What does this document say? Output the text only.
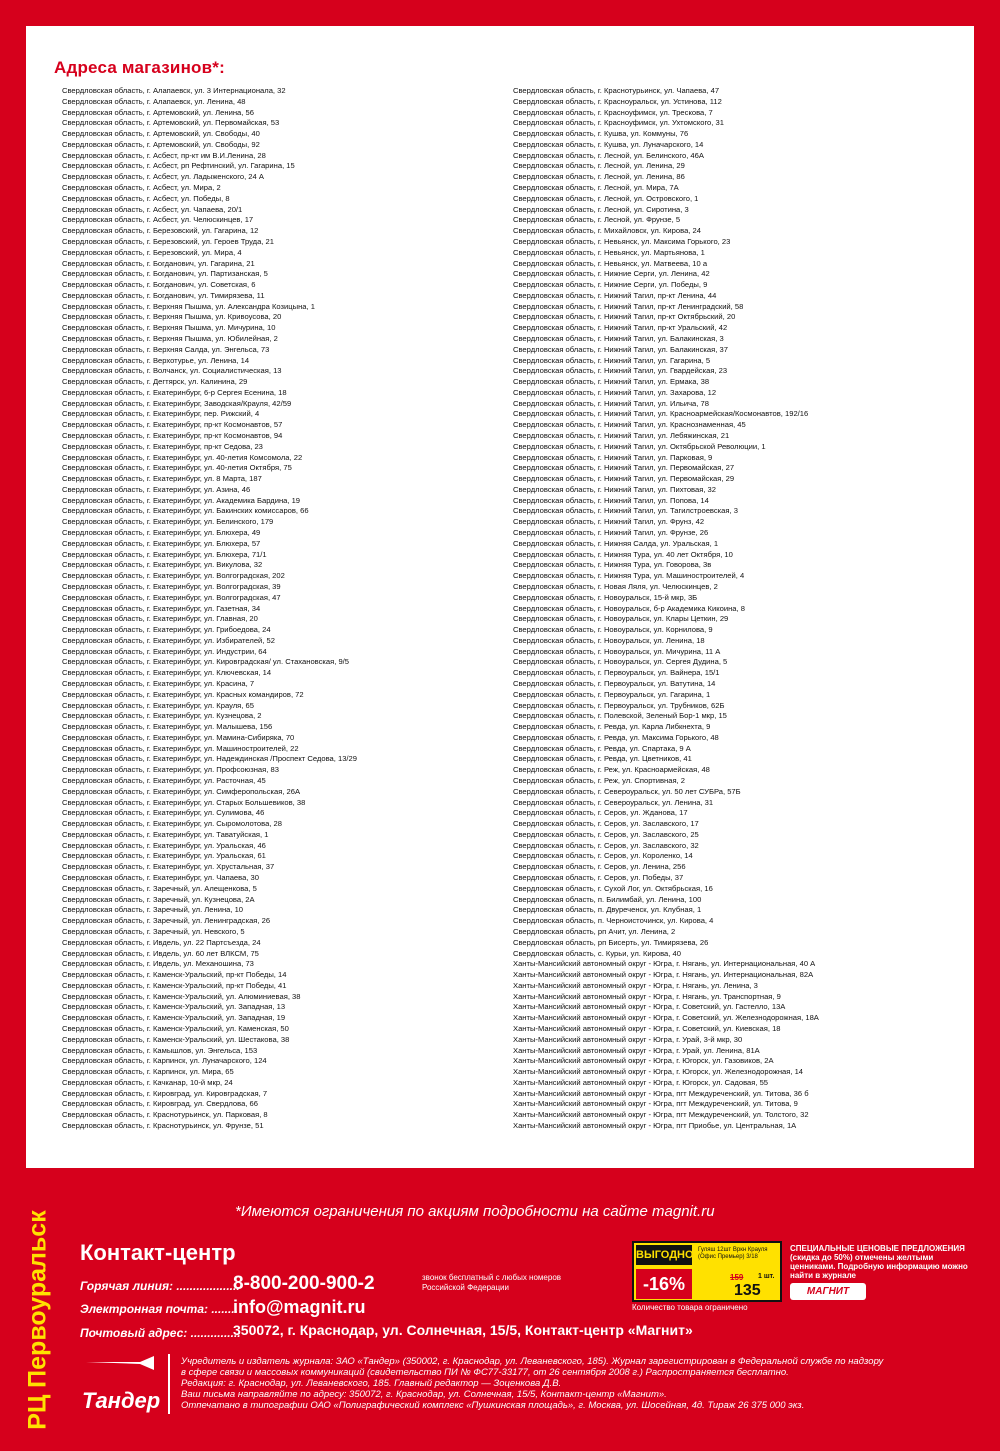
Адреса магазинов*:
Свердловская область, г. Алапаевск, ул. 3 Интернационала, 32
Свердловская область, г. Алапаевск, ул. Ленина, 48
Свердловская область, г. Артемовский, ул. Ленина, 56
Свердловская область, г. Артемовский, ул. Первомайская, 53
Свердловская область, г. Артемовский, ул. Свободы, 40
Свердловская область, г. Артемовский, ул. Свободы, 92
Свердловская область, г. Асбест, пр-кт им В.И.Ленина, 28
Свердловская область, г. Асбест, рп Рефтинский, ул. Гагарина, 15
Свердловская область, г. Асбест, ул. Ладыженского, 24 А
Свердловская область, г. Асбест, ул. Мира, 2
Свердловская область, г. Асбест, ул. Победы, 8
Свердловская область, г. Асбест, ул. Чапаева, 20/1
Свердловская область, г. Асбест, ул. Челюскинцев, 17
Свердловская область, г. Березовский, ул. Гагарина, 12
Свердловская область, г. Березовский, ул. Героев Труда, 21
Свердловская область, г. Березовский, ул. Мира, 4
Свердловская область, г. Богданович, ул. Гагарина, 21
Свердловская область, г. Богданович, ул. Партизанская, 5
Свердловская область, г. Богданович, ул. Советская, 6
Свердловская область, г. Богданович, ул. Тимирязева, 11
Свердловская область, г. Верхняя Пышма, ул. Александра Козицына, 1
Свердловская область, г. Верхняя Пышма, ул. Кривоусова, 20
Свердловская область, г. Верхняя Пышма, ул. Мичурина, 10
Свердловская область, г. Верхняя Пышма, ул. Юбилейная, 2
Свердловская область, г. Верхняя Салда, ул. Энгельса, 73
Свердловская область, г. Верхотурье, ул. Ленина, 14
Свердловская область, г. Волчанск, ул. Социалистическая, 13
Свердловская область, г. Дегтярск, ул. Калинина, 29
Свердловская область, г. Екатеринбург, 6-р Сергея Есенина, 18
Свердловская область, г. Екатеринбург, Заводская/Крауля, 42/59
Свердловская область, г. Екатеринбург, пер. Рижский, 4
Свердловская область, г. Екатеринбург, пр-кт Космонавтов, 57
Свердловская область, г. Екатеринбург, пр-кт Космонавтов, 94
Свердловская область, г. Екатеринбург, пр-кт Седова, 23
Свердловская область, г. Екатеринбург, ул. 40-летия Комсомола, 22
Свердловская область, г. Екатеринбург, ул. 40-летия Октября, 75
Свердловская область, г. Екатеринбург, ул. 8 Марта, 187
Свердловская область, г. Екатеринбург, ул. Азина, 46
Свердловская область, г. Екатеринбург, ул. Академика Бардина, 19
Свердловская область, г. Екатеринбург, ул. Бакинских комиссаров, 66
Свердловская область, г. Екатеринбург, ул. Белинского, 179
Свердловская область, г. Екатеринбург, ул. Блюхера, 49
Свердловская область, г. Екатеринбург, ул. Блюхера, 57
Свердловская область, г. Екатеринбург, ул. Блюхера, 71/1
Свердловская область, г. Екатеринбург, ул. Викулова, 32
Свердловская область, г. Екатеринбург, ул. Волгоградская, 202
Свердловская область, г. Екатеринбург, ул. Волгоградская, 39
Свердловская область, г. Екатеринбург, ул. Волгоградская, 47
Свердловская область, г. Екатеринбург, ул. Газетная, 34
Свердловская область, г. Екатеринбург, ул. Главная, 20
Свердловская область, г. Екатеринбург, ул. Грибоедова, 24
Свердловская область, г. Екатеринбург, ул. Избирателей, 52
Свердловская область, г. Екатеринбург, ул. Индустрии, 64
Свердловская область, г. Екатеринбург, ул. Кировградская/ ул. Стахановская, 9/5
Свердловская область, г. Екатеринбург, ул. Ключевская, 14
Свердловская область, г. Екатеринбург, ул. Красина, 7
Свердловская область, г. Екатеринбург, ул. Красных командиров, 72
Свердловская область, г. Екатеринбург, ул. Крауля, 65
Свердловская область, г. Екатеринбург, ул. Кузнецова, 2
Свердловская область, г. Екатеринбург, ул. Малышева, 156
Свердловская область, г. Екатеринбург, ул. Мамина-Сибиряка, 70
Свердловская область, г. Екатеринбург, ул. Машиностроителей, 22
Свердловская область, г. Екатеринбург, ул. Надеждинская /Проспект Седова, 13/29
Свердловская область, г. Екатеринбург, ул. Профсоюзная, 83
Свердловская область, г. Екатеринбург, ул. Расточная, 45
Свердловская область, г. Екатеринбург, ул. Симферопольская, 26А
Свердловская область, г. Екатеринбург, ул. Старых Большевиков, 38
Свердловская область, г. Екатеринбург, ул. Сулимова, 46
Свердловская область, г. Екатеринбург, ул. Сыромолотова, 28
Свердловская область, г. Екатеринбург, ул. Таватуйская, 1
Свердловская область, г. Екатеринбург, ул. Уральская, 46
Свердловская область, г. Екатеринбург, ул. Уральская, 61
Свердловская область, г. Екатеринбург, ул. Хрустальная, 37
Свердловская область, г. Екатеринбург, ул. Чапаева, 30
Свердловская область, г. Заречный, ул. Алещенкова, 5
Свердловская область, г. Заречный, ул. Кузнецова, 2А
Свердловская область, г. Заречный, ул. Ленина, 10
Свердловская область, г. Заречный, ул. Ленинградская, 26
Свердловская область, г. Заречный, ул. Невского, 5
Свердловская область, г. Ивдель, ул. 22 Партсъезда, 24
Свердловская область, г. Ивдель, ул. 60 лет ВЛКСМ, 75
Свердловская область, г. Ивдель, ул. Механошина, 73
Свердловская область, г. Каменск-Уральский, пр-кт Победы, 14
Свердловская область, г. Каменск-Уральский, пр-кт Победы, 41
Свердловская область, г. Каменск-Уральский, ул. Алюминиевая, 38
Свердловская область, г. Каменск-Уральский, ул. Западная, 13
Свердловская область, г. Каменск-Уральский, ул. Западная, 19
Свердловская область, г. Каменск-Уральский, ул. Каменская, 50
Свердловская область, г. Каменск-Уральский, ул. Шестакова, 38
Свердловская область, г. Камышлов, ул. Энгельса, 153
Свердловская область, г. Карпинск, ул. Луначарского, 124
Свердловская область, г. Карпинск, ул. Мира, 65
Свердловская область, г. Качканар, 10-й мкр, 24
Свердловская область, г. Кировград, ул. Кировградская, 7
Свердловская область, г. Кировград, ул. Свердлова, 66
Свердловская область, г. Краснотурьинск, ул. Парковая, 8
Свердловская область, г. Краснотурьинск, ул. Фрунзе, 51
Свердловская область, г. Краснотурьинск, ул. Чапаева, 47
Свердловская область, г. Красноуральск, ул. Устинова, 112
Свердловская область, г. Красноуфимск, ул. Трескова, 7
Свердловская область, г. Красноуфимск, ул. Ухтомского, 31
Свердловская область, г. Кушва, ул. Коммуны, 76
Свердловская область, г. Кушва, ул. Луначарского, 14
Свердловская область, г. Лесной, ул. Белинского, 46А
Свердловская область, г. Лесной, ул. Ленина, 29
Свердловская область, г. Лесной, ул. Ленина, 86
Свердловская область, г. Лесной, ул. Мира, 7А
Свердловская область, г. Лесной, ул. Островского, 1
Свердловская область, г. Лесной, ул. Сиротина, 3
Свердловская область, г. Лесной, ул. Фрунзе, 5
Свердловская область, г. Михайловск, ул. Кирова, 24
Свердловская область, г. Невьянск, ул. Максима Горького, 23
Свердловская область, г. Невьянск, ул. Мартьянова, 1
Свердловская область, г. Невьянск, ул. Матвеева, 10 а
Свердловская область, г. Нижние Серги, ул. Ленина, 42
Свердловская область, г. Нижние Серги, ул. Победы, 9
Свердловская область, г. Нижний Тагил, пр-кт Ленина, 44
Свердловская область, г. Нижний Тагил, пр-кт Ленинградский, 58
Свердловская область, г. Нижний Тагил, пр-кт Октябрьский, 20
Свердловская область, г. Нижний Тагил, пр-кт Уральский, 42
Свердловская область, г. Нижний Тагил, ул. Балакинская, 3
Свердловская область, г. Нижний Тагил, ул. Балакинская, 37
Свердловская область, г. Нижний Тагил, ул. Гагарина, 5
Свердловская область, г. Нижний Тагил, ул. Гвардейская, 23
Свердловская область, г. Нижний Тагил, ул. Ермака, 38
Свердловская область, г. Нижний Тагил, ул. Захарова, 12
Свердловская область, г. Нижний Тагил, ул. Ильича, 78
Свердловская область, г. Нижний Тагил, ул. Красноармейская/Космонавтов, 192/16
Свердловская область, г. Нижний Тагил, ул. Краснознаменная, 45
Свердловская область, г. Нижний Тагил, ул. Лебяжинская, 21
Свердловская область, г. Нижний Тагил, ул. Октябрьской Революции, 1
Свердловская область, г. Нижний Тагил, ул. Парковая, 9
Свердловская область, г. Нижний Тагил, ул. Первомайская, 27
Свердловская область, г. Нижний Тагил, ул. Первомайская, 29
Свердловская область, г. Нижний Тагил, ул. Пихтовая, 32
Свердловская область, г. Нижний Тагил, ул. Попова, 14
Свердловская область, г. Нижний Тагил, ул. Тагилстроевская, 3
Свердловская область, г. Нижний Тагил, ул. Фрунз, 42
Свердловская область, г. Нижний Тагил, ул. Фрунзе, 26
Свердловская область, г. Нижняя Салда, ул. Уральская, 1
Свердловская область, г. Нижняя Тура, ул. 40 лет Октября, 10
Свердловская область, г. Нижняя Тура, ул. Говорова, 3в
Свердловская область, г. Нижняя Тура, ул. Машиностроителей, 4
Свердловская область, г. Новая Ляля, ул. Челюскинцев, 2
Свердловская область, г. Новоуральск, 15-й мкр, 3Б
Свердловская область, г. Новоуральск, б-р Академика Кикоина, 8
Свердловская область, г. Новоуральск, ул. Клары Цеткин, 29
Свердловская область, г. Новоуральск, ул. Корнилова, 9
Свердловская область, г. Новоуральск, ул. Ленина, 18
Свердловская область, г. Новоуральск, ул. Мичурина, 11 А
Свердловская область, г. Новоуральск, ул. Сергея Дудина, 5
Свердловская область, г. Первоуральск, ул. Вайнера, 15/1
Свердловская область, г. Первоуральск, ул. Ватутина, 14
Свердловская область, г. Первоуральск, ул. Гагарина, 1
Свердловская область, г. Первоуральск, ул. Трубников, 62Б
Свердловская область, г. Полевской, Зеленый Бор-1 мкр, 15
Свердловская область, г. Ревда, ул. Карла Либкнехта, 9
Свердловская область, г. Ревда, ул. Максима Горького, 48
Свердловская область, г. Ревда, ул. Спартака, 9 А
Свердловская область, г. Ревда, ул. Цветников, 41
Свердловская область, г. Реж, ул. Красноармейская, 48
Свердловская область, г. Реж, ул. Спортивная, 2
Свердловская область, г. Североуральск, ул. 50 лет СУБРа, 57Б
Свердловская область, г. Североуральск, ул. Ленина, 31
Свердловская область, г. Серов, ул. Жданова, 17
Свердловская область, г. Серов, ул. Заславского, 17
Свердловская область, г. Серов, ул. Заславского, 25
Свердловская область, г. Серов, ул. Заславского, 32
Свердловская область, г. Серов, ул. Короленко, 14
Свердловская область, г. Серов, ул. Ленина, 256
Свердловская область, г. Серов, ул. Победы, 37
Свердловская область, г. Сухой Лог, ул. Октябрьская, 16
Свердловская область, п. Билимбай, ул. Ленина, 100
Свердловская область, п. Двуреченск, ул. Клубная, 1
Свердловская область, п. Черноисточинск, ул. Кирова, 4
Свердловская область, рп Ачит, ул. Ленина, 2
Свердловская область, рп Бисерть, ул. Тимирязева, 26
Свердловская область, с. Курьи, ул. Кирова, 40
Ханты-Мансийский автономный округ - Югра, г. Нягань, ул. Интернациональная, 40 А
Ханты-Мансийский автономный округ - Югра, г. Нягань, ул. Интернациональная, 82А
Ханты-Мансийский автономный округ - Югра, г. Нягань, ул. Ленина, 3
Ханты-Мансийский автономный округ - Югра, г. Нягань, ул. Транспортная, 9
Ханты-Мансийский автономный округ - Югра, г. Советский, ул. Гастелло, 13А
Ханты-Мансийский автономный округ - Югра, г. Советский, ул. Железнодорожная, 18А
Ханты-Мансийский автономный округ - Югра, г. Советский, ул. Киевская, 18
Ханты-Мансийский автономный округ - Югра, г. Урай, 3-й мкр, 30
Ханты-Мансийский автономный округ - Югра, г. Урай, ул. Ленина, 81А
Ханты-Мансийский автономный округ - Югра, г. Югорск, ул. Газовиков, 2А
Ханты-Мансийский автономный округ - Югра, г. Югорск, ул. Железнодорожная, 14
Ханты-Мансийский автономный округ - Югра, г. Югорск, ул. Садовая, 55
Ханты-Мансийский автономный округ - Югра, пгт Междуреченский, ул. Титова, 36 б
Ханты-Мансийский автономный округ - Югра, пгт Междуреченский, ул. Титова, 9
Ханты-Мансийский автономный округ - Югра, пгт Междуреченский, ул. Толстого, 32
Ханты-Мансийский автономный округ - Югра, пгт Приобье, ул. Центральная, 1А
РЦ Первоуральск	*Имеются ограничения по акциям подробности на сайте magnit.ru
Контакт-центр
Горячая линия: ...................
8-800-200-900-2	звонок бесплатный с любых номеров Российской Федерации
Электронная почта: ........
info@magnit.ru
Почтовый адрес: ...............
350072, г. Краснодар, ул. Солнечная, 15/5, Контакт-центр «Магнит»
ВЫГОДНО
-16%
Гуляш 12шт Вркн Крауля (Офис Премьер) 3/18
159 1 шт.
135
Количество товара ограничено
СПЕЦИАЛЬНЫЕ ЦЕНОВЫЕ ПРЕДЛОЖЕНИЯ (скидка до 50%) отмечены желтыми ценниками. Подробную информацию можно найти в журнале
МАГНИТ
Тандер
Учредитель и издатель журнала: ЗАО «Тандер» (350002, г. Краснодар, ул. Леваневского, 185). Журнал зарегистрирован в Федеральной службе по надзору
в сфере связи и массовых коммуникаций (свидетельство ПИ № ФС77-33177, от 26 сентября 2008 г.) Распространяется бесплатно.
Редакция: г. Краснодар, ул. Леваневского, 185. Главный редактор — Зоценкова Д.В.
Ваш письма направляйте по адресу: 350072, г. Краснодар, ул. Солнечная, 15/5, Контакт-центр «Магнит».
Отпечатано в типографии ОАО «Полиграфический комплекс «Пушкинская площадь», г. Москва, ул. Шосейная, 4д. Тираж 26 375 000 экз.
